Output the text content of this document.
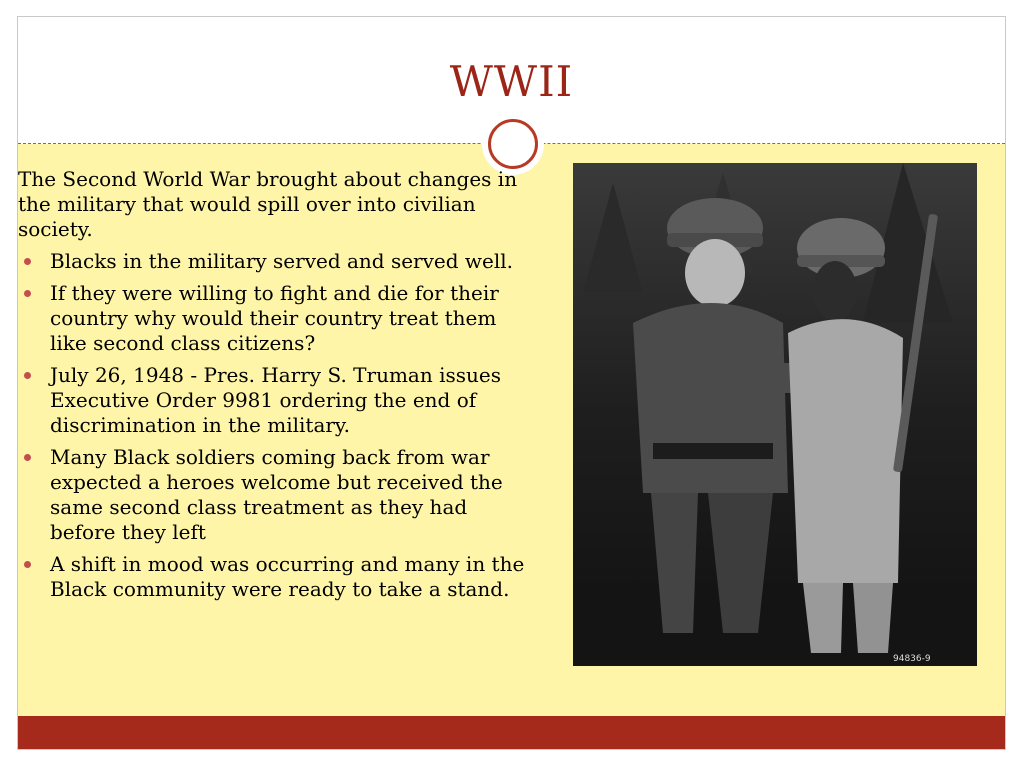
WWII

The Second World War brought about changes in the military that would spill over into civilian society.

Blacks in the military served and served well.
If they were willing to fight and die for their country why would their country treat them like second class citizens?
July 26, 1948 - Pres. Harry S. Truman issues Executive Order 9981 ordering the end of discrimination in the military.
Many Black soldiers coming back from war expected a heroes welcome but received the same second class treatment as they had before they left
A shift in mood was occurring and many in the Black community were ready to take a stand.
94836-9
